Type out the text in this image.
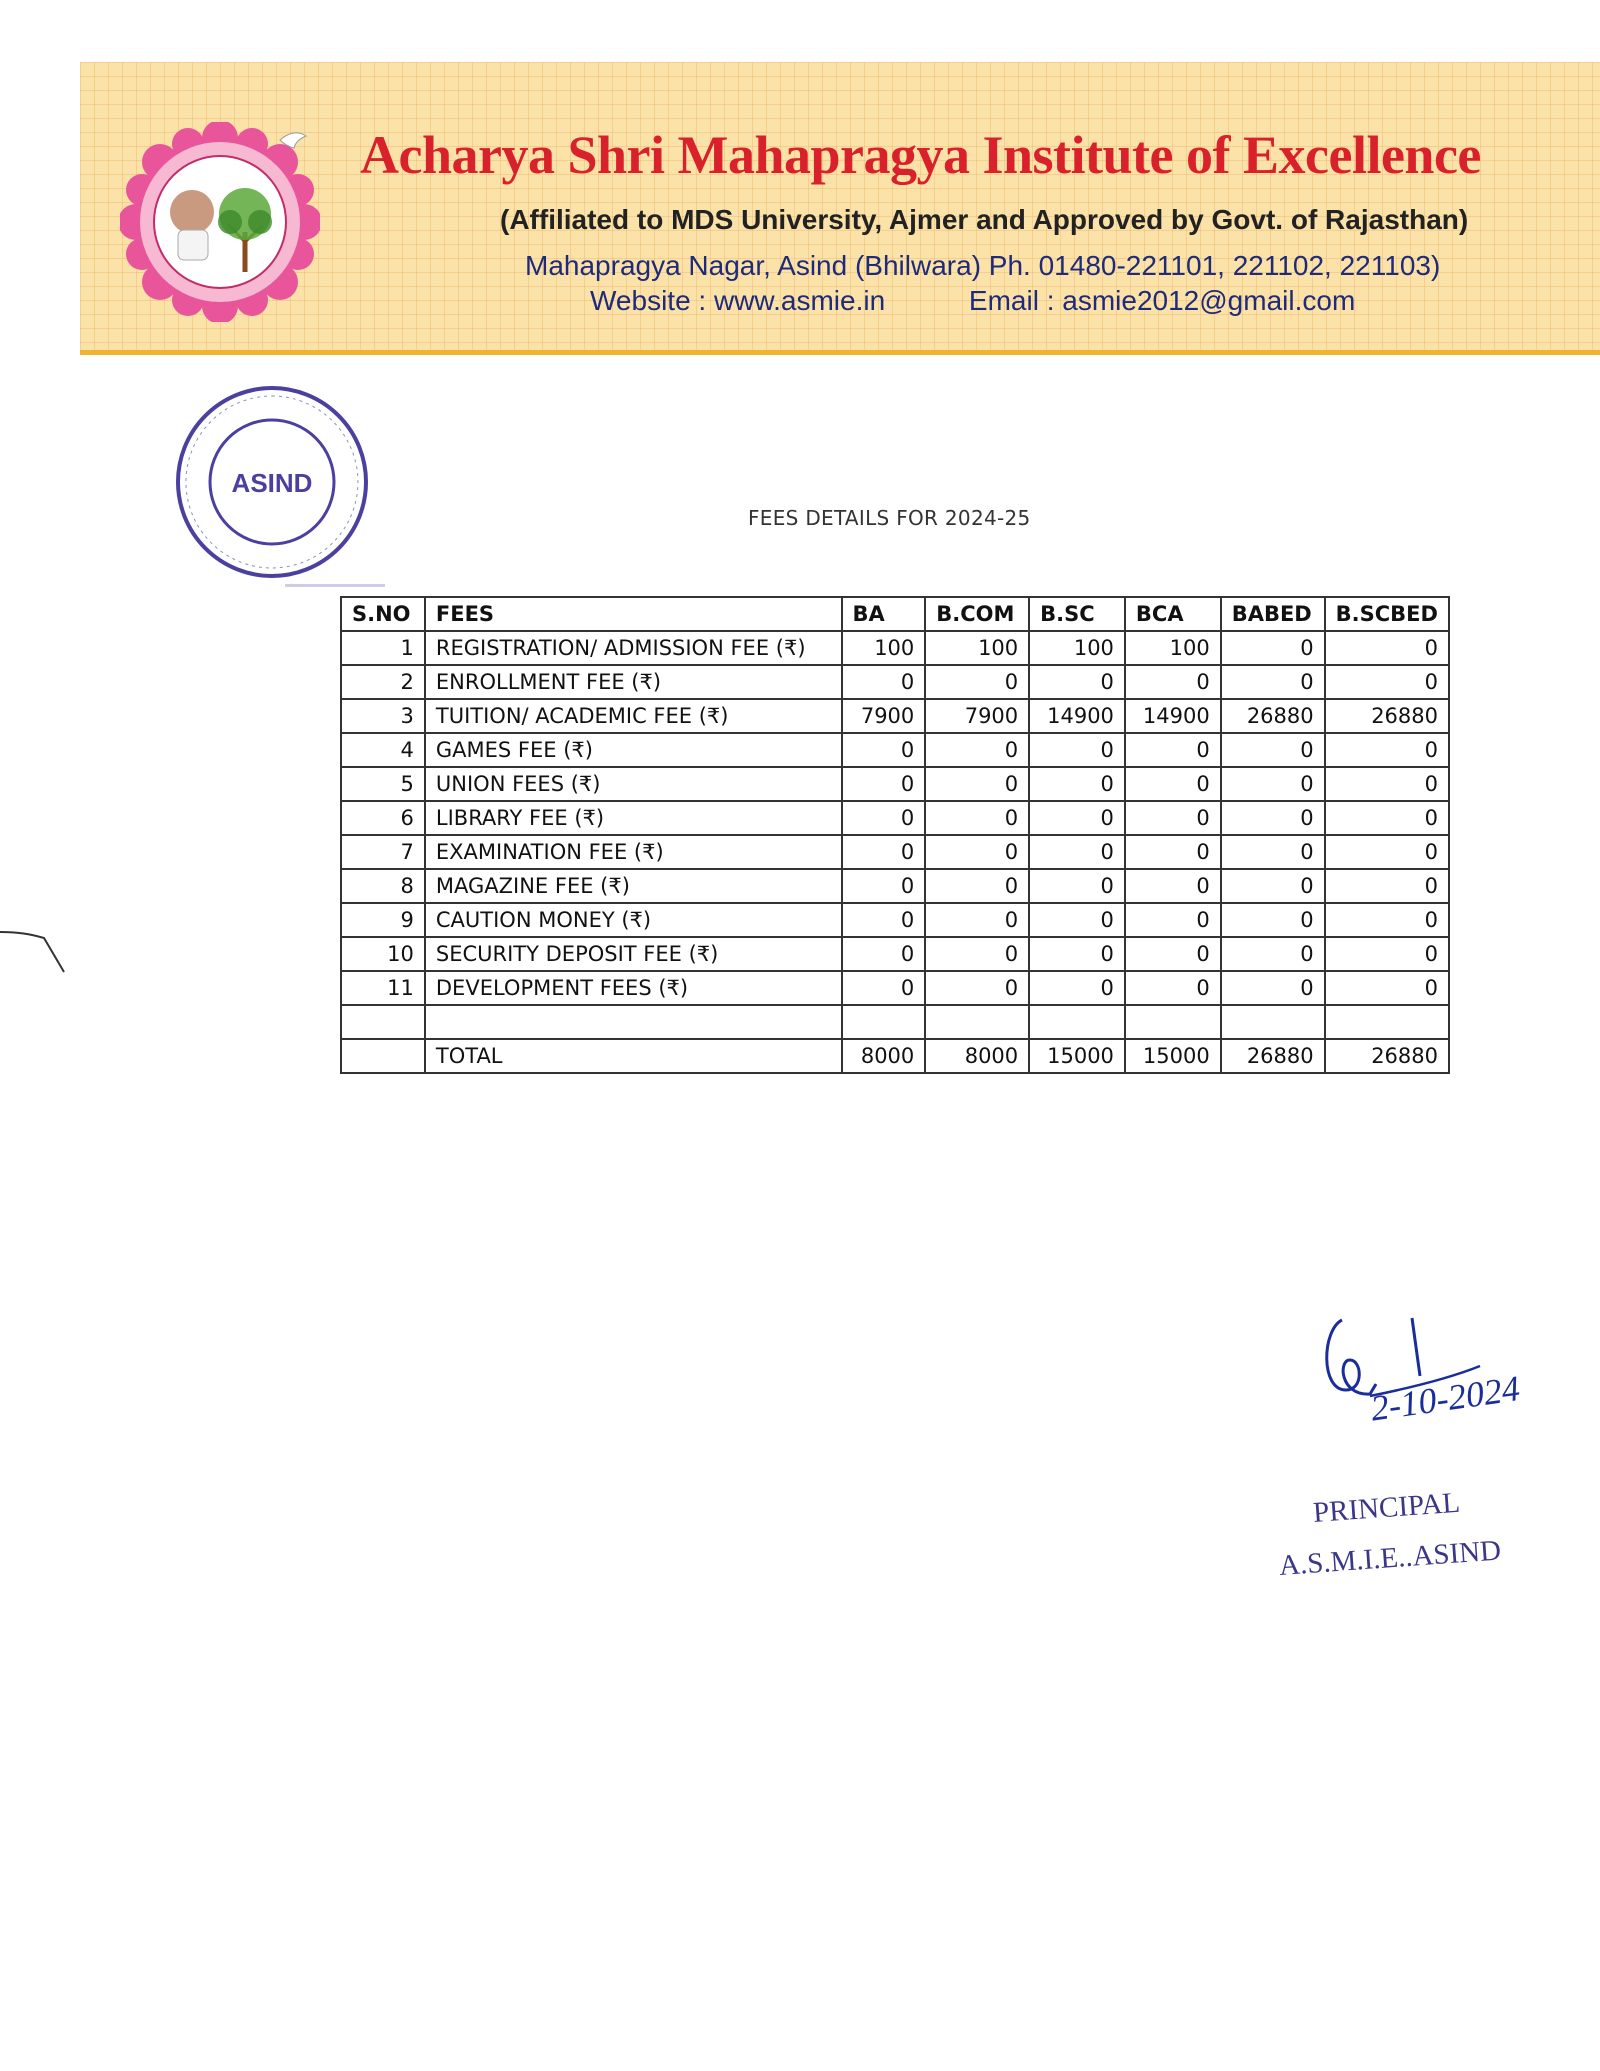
Acharya Shri Mahapragya Institute of Excellence

(Affiliated to MDS University, Ajmer and Approved by Govt. of Rajasthan)

Mahapragya Nagar, Asind (Bhilwara) Ph. 01480-221101, 221102, 221103)

Website : www.asmie.in	Email : asmie2012@gmail.com

ASIND

FEES DETAILS FOR 2024-25

S.NO	FEES	BA	B.COM	B.SC	BCA	BABED	B.SCBED
1	REGISTRATION/ ADMISSION FEE (₹)	100	100	100	100	0	0
2	ENROLLMENT FEE (₹)	0	0	0	0	0	0
3	TUITION/ ACADEMIC FEE (₹)	7900	7900	14900	14900	26880	26880
4	GAMES FEE (₹)	0	0	0	0	0	0
5	UNION FEES (₹)	0	0	0	0	0	0
6	LIBRARY FEE (₹)	0	0	0	0	0	0
7	EXAMINATION FEE (₹)	0	0	0	0	0	0
8	MAGAZINE FEE (₹)	0	0	0	0	0	0
9	CAUTION MONEY (₹)	0	0	0	0	0	0
10	SECURITY DEPOSIT FEE (₹)	0	0	0	0	0	0
11	DEVELOPMENT FEES (₹)	0	0	0	0	0	0

	TOTAL	8000	8000	15000	15000	26880	26880

2-10-2024

PRINCIPAL

A.S.M.I.E..ASIND
